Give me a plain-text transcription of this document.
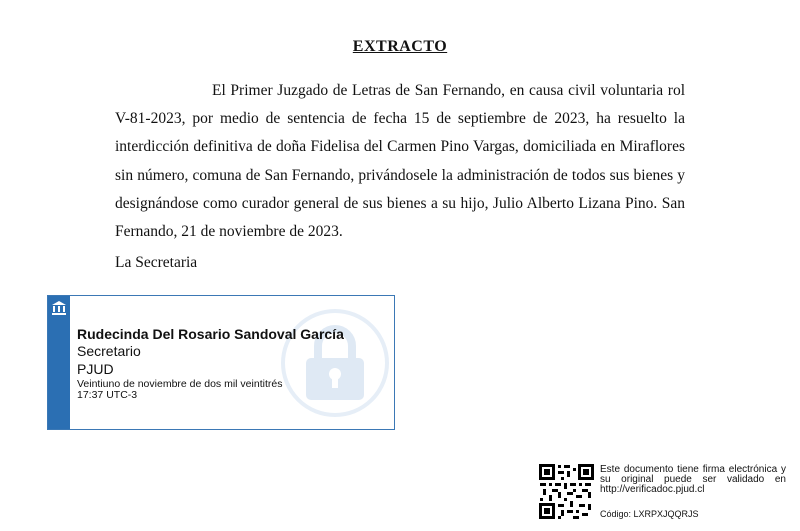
EXTRACTO

El Primer Juzgado de Letras de San Fernando, en causa civil voluntaria rol V-81-2023, por medio de sentencia de fecha 15 de septiembre de 2023, ha resuelto la interdicción definitiva de doña Fidelisa del Carmen Pino Vargas, domiciliada en Miraflores sin número, comuna de San Fernando, privándosele la administración de todos sus bienes y designándose como curador general de sus bienes a su hijo, Julio Alberto Lizana Pino. San Fernando, 21 de noviembre de 2023.

La Secretaria
Rudecinda Del Rosario Sandoval García
Secretario
PJUD
Veintiuno de noviembre de dos mil veintitrés
17:37 UTC-3
Este documento tiene firma electrónica y su original puede ser validado en http://verificadoc.pjud.cl
Código: LXRPXJQQRJS
